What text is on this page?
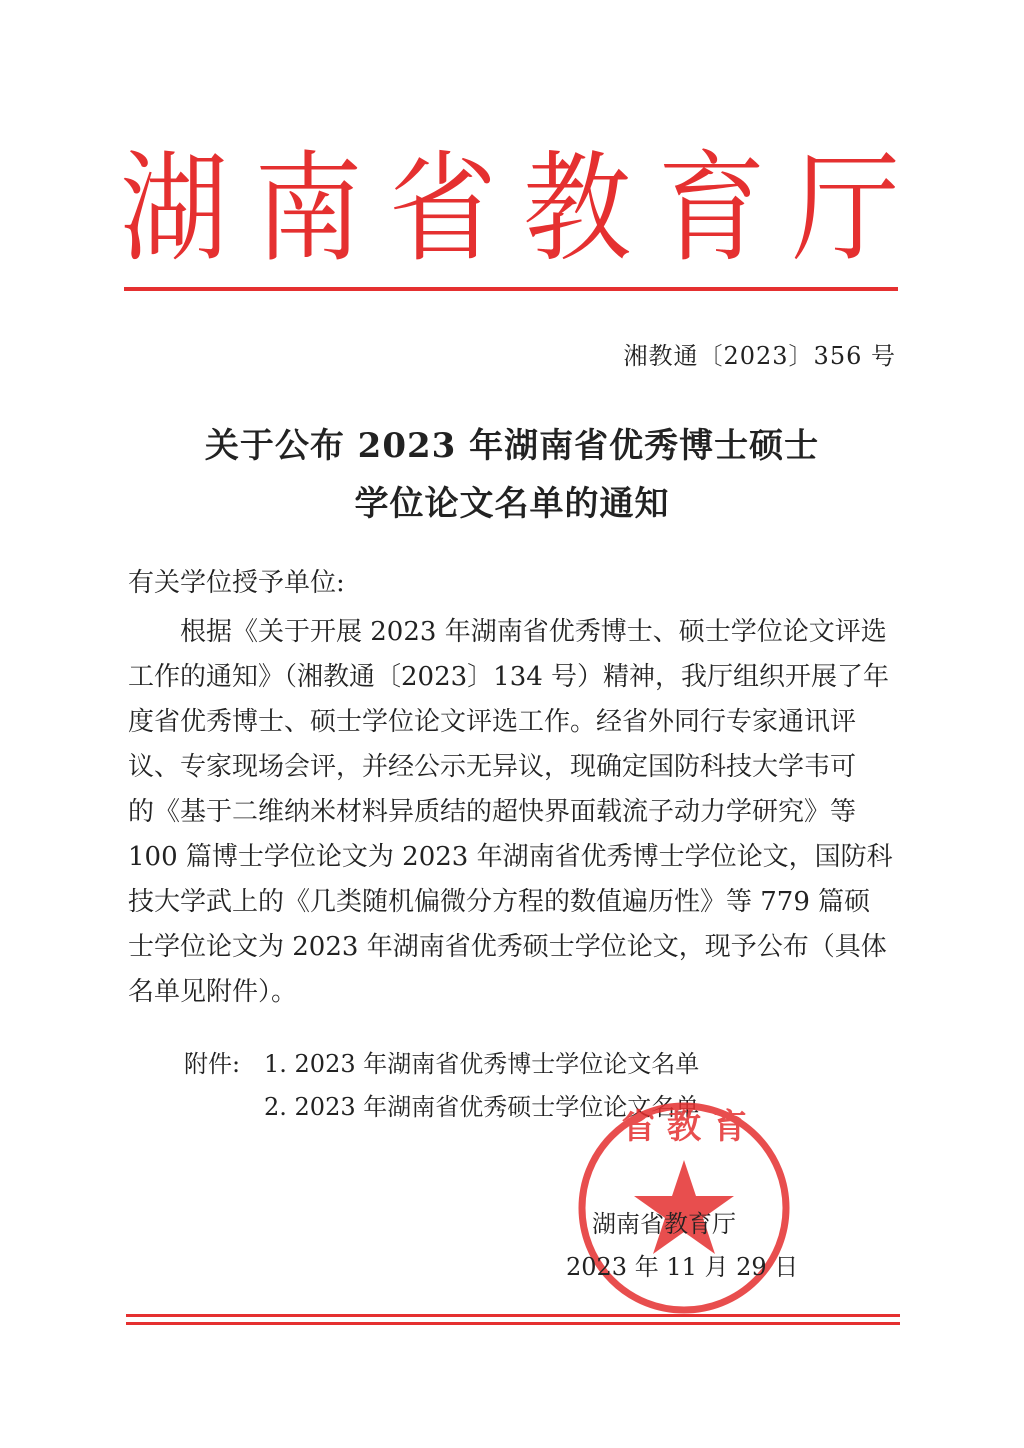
湖 南 省 教 育 厅
湘教通〔2023〕356 号
关于公布 2023 年湖南省优秀博士硕士
学位论文名单的通知
有关学位授予单位:
根据《关于开展 2023 年湖南省优秀博士、硕士学位论文评选
工作的通知》（湘教通〔2023〕134 号）精神，我厅组织开展了年
度省优秀博士、硕士学位论文评选工作。经省外同行专家通讯评
议、专家现场会评，并经公示无异议，现确定国防科技大学韦可
的《基于二维纳米材料异质结的超快界面载流子动力学研究》等
100 篇博士学位论文为 2023 年湖南省优秀博士学位论文，国防科
技大学武上的《几类随机偏微分方程的数值遍历性》等 779 篇硕
士学位论文为 2023 年湖南省优秀硕士学位论文，现予公布（具体
名单见附件）。
附件: 1. 2023 年湖南省优秀博士学位论文名单
2. 2023 年湖南省优秀硕士学位论文名单
省 教 育
湖南省教育厅
2023 年 11 月 29 日
